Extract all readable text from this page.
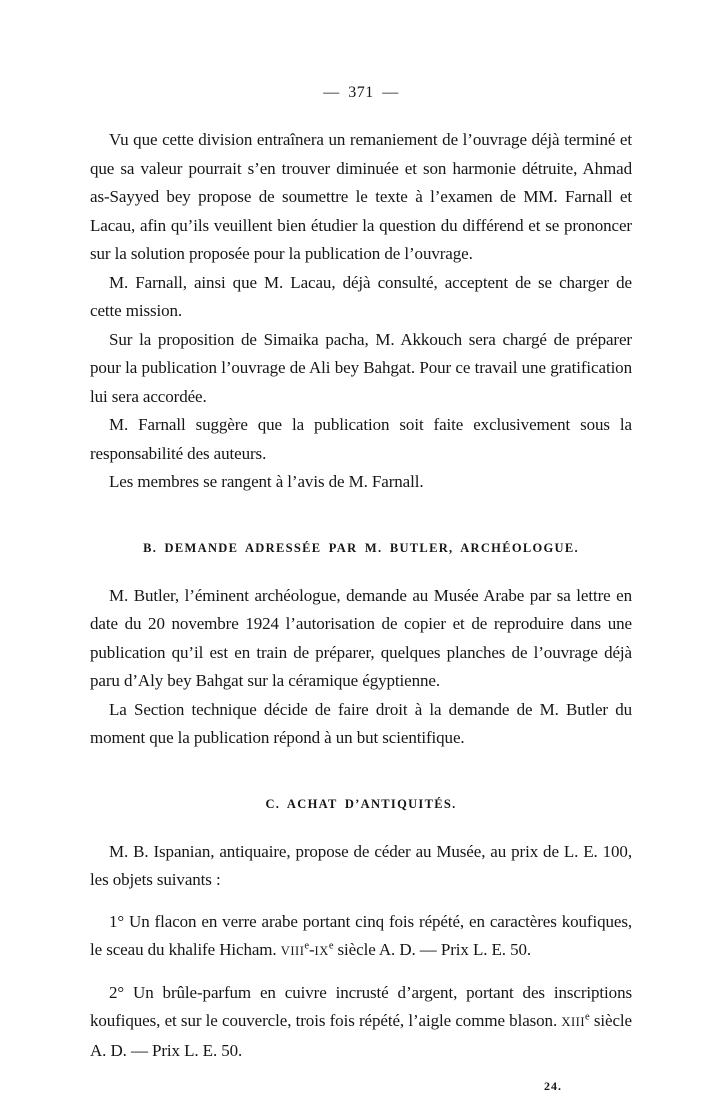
— 371 —

Vu que cette division entraînera un remaniement de l’ouvrage déjà terminé et que sa valeur pourrait s’en trouver diminuée et son harmonie détruite, Ahmad as-Sayyed bey propose de soumettre le texte à l’examen de MM. Farnall et Lacau, afin qu’ils veuillent bien étudier la question du différend et se prononcer sur la solution proposée pour la publication de l’ouvrage.

M. Farnall, ainsi que M. Lacau, déjà consulté, acceptent de se charger de cette mission.

Sur la proposition de Simaika pacha, M. Akkouch sera chargé de préparer pour la publication l’ouvrage de Ali bey Bahgat. Pour ce travail une gratification lui sera accordée.

M. Farnall suggère que la publication soit faite exclusivement sous la responsabilité des auteurs.

Les membres se rangent à l’avis de M. Farnall.

B. DEMANDE ADRESSÉE PAR M. BUTLER, ARCHÉOLOGUE.

M. Butler, l’éminent archéologue, demande au Musée Arabe par sa lettre en date du 20 novembre 1924 l’autorisation de copier et de reproduire dans une publication qu’il est en train de préparer, quelques planches de l’ouvrage déjà paru d’Aly bey Bahgat sur la céramique égyptienne.

La Section technique décide de faire droit à la demande de M. Butler du moment que la publication répond à un but scientifique.

C. ACHAT D’ANTIQUITÉS.

M. B. Ispanian, antiquaire, propose de céder au Musée, au prix de L. E. 100, les objets suivants :

1° Un flacon en verre arabe portant cinq fois répété, en caractères koufiques, le sceau du khalife Hicham. VIIIe-IXe siècle A. D. — Prix L. E. 50.

2° Un brûle-parfum en cuivre incrusté d’argent, portant des inscriptions koufiques, et sur le couvercle, trois fois répété, l’aigle comme blason. XIIIe siècle A. D. — Prix L. E. 50.

24.
